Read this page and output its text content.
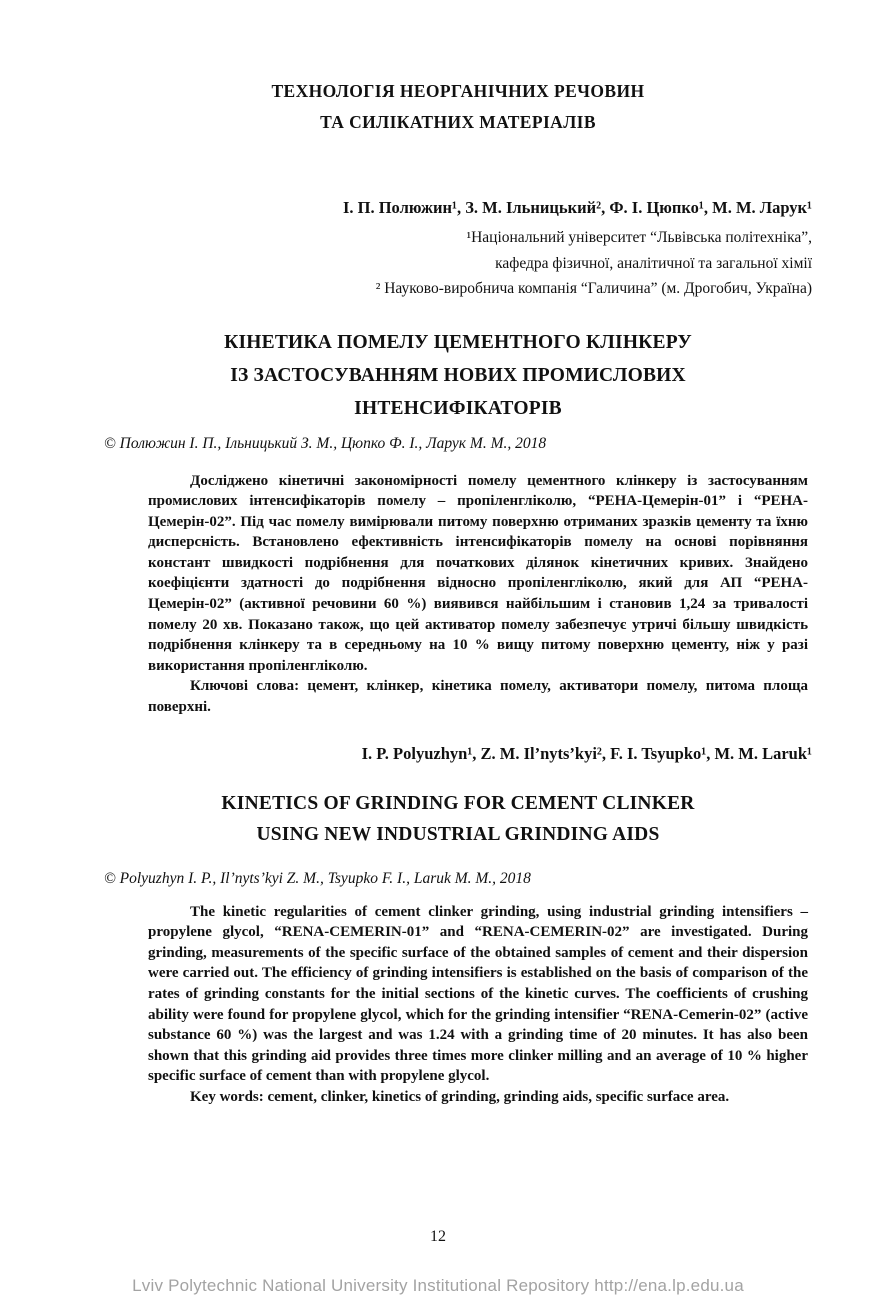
ТЕХНОЛОГІЯ НЕОРГАНІЧНИХ РЕЧОВИН
ТА СИЛІКАТНИХ МАТЕРІАЛІВ
І. П. Полюжин¹, З. М. Ільницький², Ф. І. Цюпко¹, М. М. Ларук¹
¹Національний університет “Львівська політехніка”,
кафедра фізичної, аналітичної та загальної хімії
² Науково-виробнича компанія “Галичина” (м. Дрогобич, Україна)
КІНЕТИКА ПОМЕЛУ ЦЕМЕНТНОГО КЛІНКЕРУ
ІЗ ЗАСТОСУВАННЯМ НОВИХ ПРОМИСЛОВИХ
ІНТЕНСИФІКАТОРІВ
© Полюжин І. П., Ільницький З. М., Цюпко Ф. І., Ларук М. М., 2018

Досліджено кінетичні закономірності помелу цементного клінкеру із застосуванням промислових інтенсифікаторів помелу – пропіленгліколю, “РЕНА-Цемерін-01” і “РЕНА-Цемерін-02”. Під час помелу вимірювали питому поверхню отриманих зразків цементу та їхню дисперсність. Встановлено ефективність інтенсифікаторів помелу на основі порівняння констант швидкості подрібнення для початкових ділянок кінетичних кривих. Знайдено коефіцієнти здатності до подрібнення відносно пропіленгліколю, який для АП “РЕНА-Цемерін-02” (активної речовини 60 %) виявився найбільшим і становив 1,24 за тривалості помелу 20 хв. Показано також, що цей активатор помелу забезпечує утричі більшу швидкість подрібнення клінкеру та в середньому на 10 % вищу питому поверхню цементу, ніж у разі використання пропіленгліколю.

Ключові слова: цемент, клінкер, кінетика помелу, активатори помелу, питома площа поверхні.

I. P. Polyuzhyn¹, Z. M. Il’nyts’kyi², F. I. Tsyupko¹, M. M. Laruk¹
KINETICS OF GRINDING FOR CEMENT CLINKER
USING NEW INDUSTRIAL GRINDING AIDS
© Polyuzhyn I. P., Il’nyts’kyi Z. M., Tsyupko F. I., Laruk M. M., 2018

The kinetic regularities of cement clinker grinding, using industrial grinding intensifiers – propylene glycol, “RENA-CEMERIN-01” and “RENA-CEMERIN-02” are investigated. During grinding, measurements of the specific surface of the obtained samples of cement and their dispersion were carried out. The efficiency of grinding intensifiers is established on the basis of comparison of the rates of grinding constants for the initial sections of the kinetic curves. The coefficients of crushing ability were found for propylene glycol, which for the grinding intensifier “RENA-Cemerin-02” (active substance 60 %) was the largest and was 1.24 with a grinding time of 20 minutes. It has also been shown that this grinding aid provides three times more clinker milling and an average of 10 % higher specific surface of cement than with propylene glycol.

Key words: cement, clinker, kinetics of grinding, grinding aids, specific surface area.

12
Lviv Polytechnic National University Institutional Repository http://ena.lp.edu.ua
